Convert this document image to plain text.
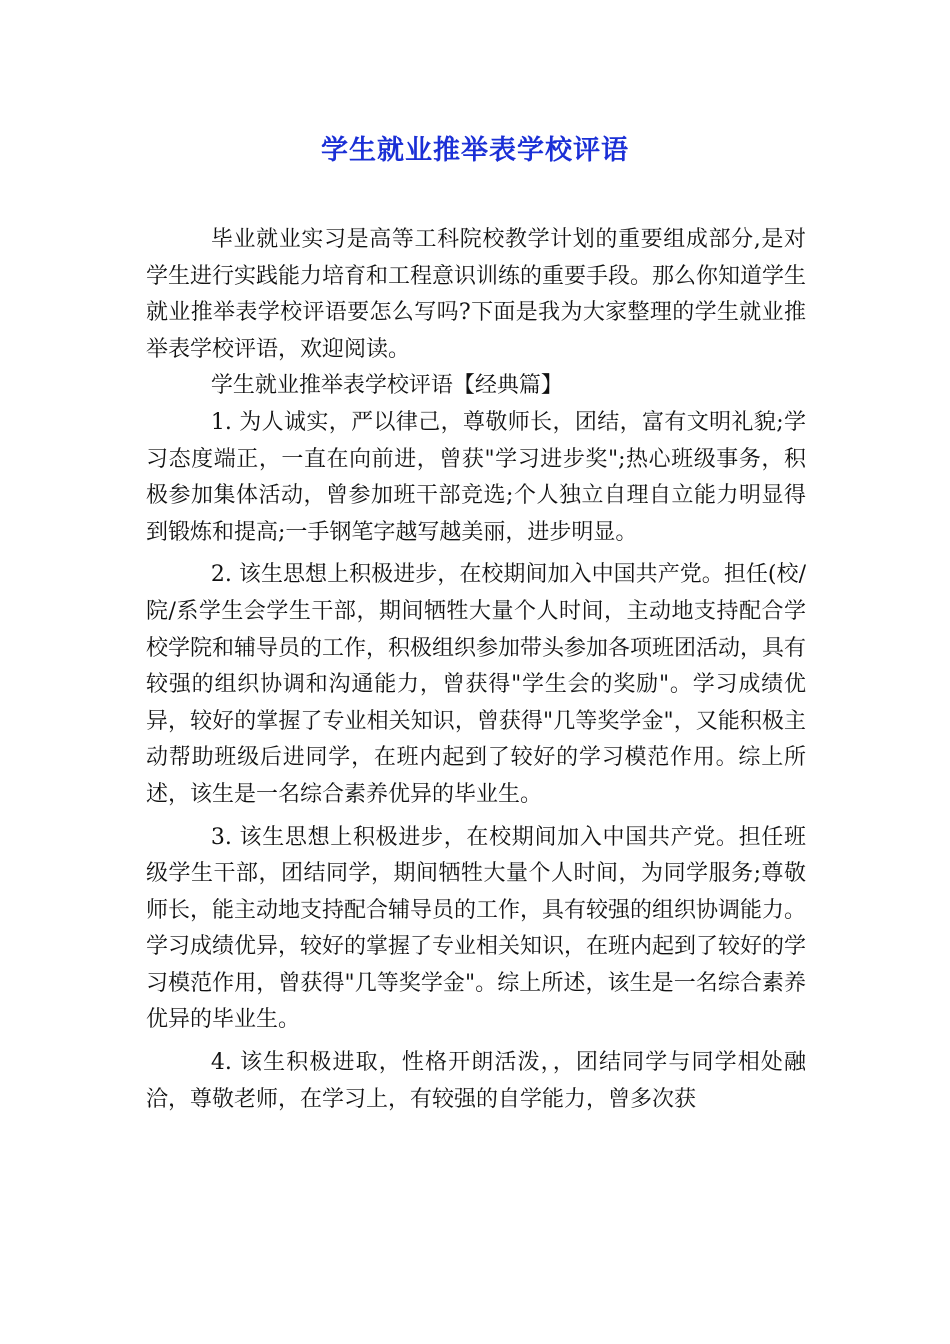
学生就业推举表学校评语

毕业就业实习是高等工科院校教学计划的重要组成部分,是对学生进行实践能力培育和工程意识训练的重要手段。那么你知道学生就业推举表学校评语要怎么写吗?下面是我为大家整理的学生就业推举表学校评语，欢迎阅读。

学生就业推举表学校评语【经典篇】

1. 为人诚实，严以律己，尊敬师长，团结，富有文明礼貌;学习态度端正，一直在向前进，曾获"学习进步奖";热心班级事务，积极参加集体活动，曾参加班干部竞选;个人独立自理自立能力明显得到锻炼和提高;一手钢笔字越写越美丽，进步明显。

2. 该生思想上积极进步，在校期间加入中国共产党。担任(校/院/系学生会学生干部，期间牺牲大量个人时间，主动地支持配合学校学院和辅导员的工作，积极组织参加带头参加各项班团活动，具有较强的组织协调和沟通能力，曾获得"学生会的奖励"。学习成绩优异，较好的掌握了专业相关知识，曾获得"几等奖学金"，又能积极主动帮助班级后进同学，在班内起到了较好的学习模范作用。综上所述，该生是一名综合素养优异的毕业生。

3. 该生思想上积极进步，在校期间加入中国共产党。担任班级学生干部，团结同学，期间牺牲大量个人时间，为同学服务;尊敬师长，能主动地支持配合辅导员的工作，具有较强的组织协调能力。学习成绩优异，较好的掌握了专业相关知识，在班内起到了较好的学习模范作用，曾获得"几等奖学金"。综上所述，该生是一名综合素养优异的毕业生。

4. 该生积极进取，性格开朗活泼，，团结同学与同学相处融洽，尊敬老师，在学习上，有较强的自学能力，曾多次获
